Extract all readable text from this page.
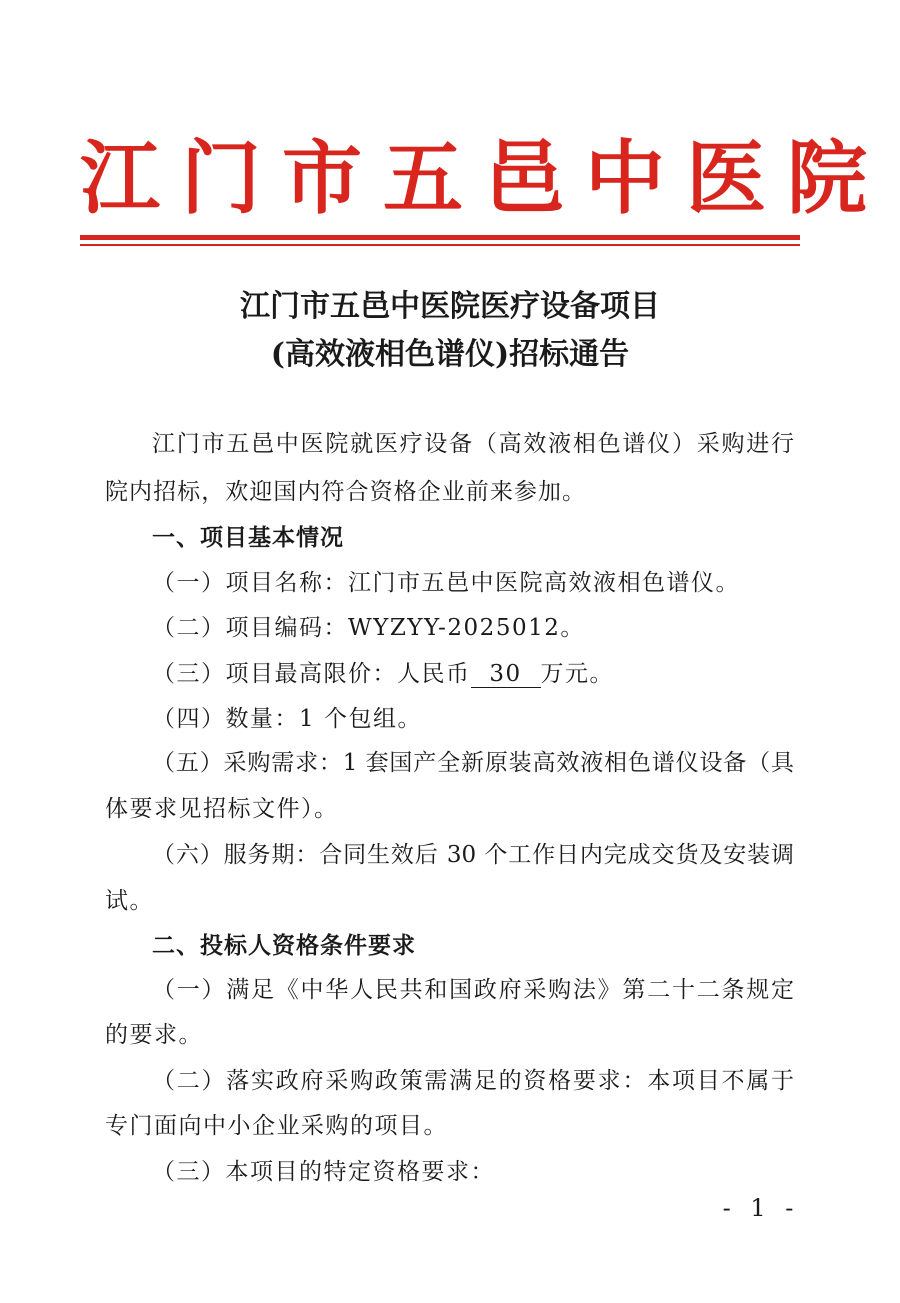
江门市五邑中医院
江门市五邑中医院医疗设备项目
(高效液相色谱仪)招标通告
江门市五邑中医院就医疗设备（高效液相色谱仪）采购进行
院内招标，欢迎国内符合资格企业前来参加。
一、项目基本情况
（一）项目名称：江门市五邑中医院高效液相色谱仪。
（二）项目编码：WYZYY-2025012。
（三）项目最高限价：人民币 30 万元。
（四）数量：1 个包组。
（五）采购需求：1 套国产全新原装高效液相色谱仪设备（具
体要求见招标文件）。
（六）服务期：合同生效后 30 个工作日内完成交货及安装调
试。
二、投标人资格条件要求
（一）满足《中华人民共和国政府采购法》第二十二条规定
的要求。
（二）落实政府采购政策需满足的资格要求：本项目不属于
专门面向中小企业采购的项目。
（三）本项目的特定资格要求：
- 1 -
